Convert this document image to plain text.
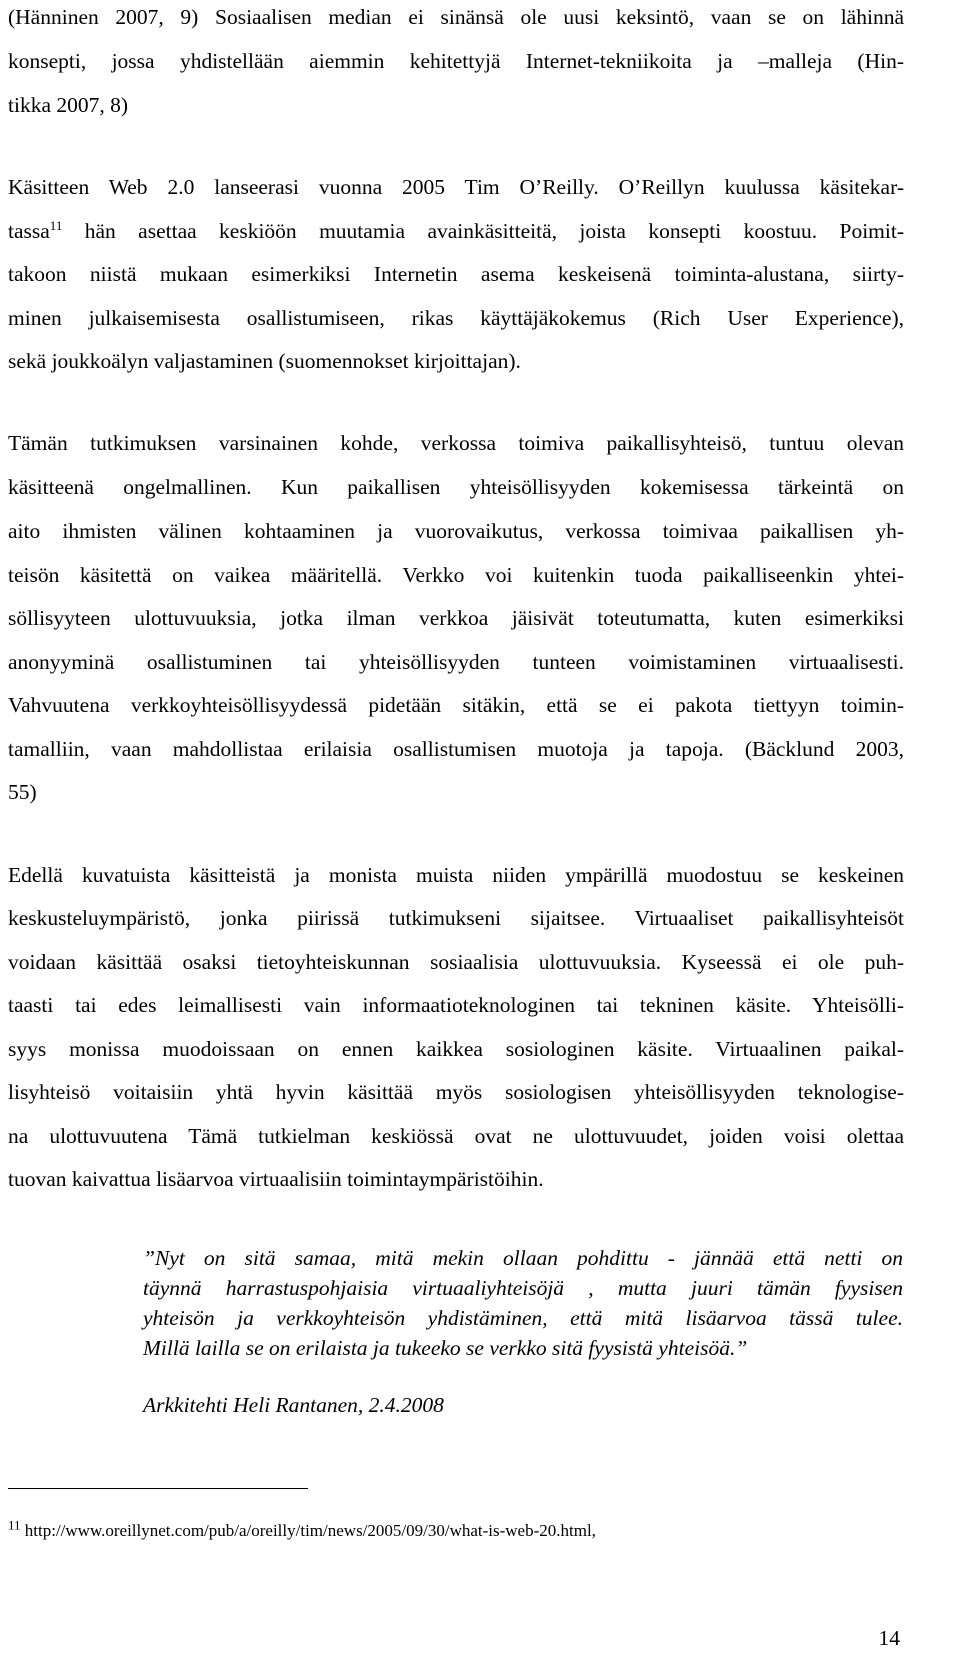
(Hänninen 2007, 9) Sosiaalisen median ei sinänsä ole uusi keksintö, vaan se on lähinnä
konsepti, jossa yhdistellään aiemmin kehitettyjä Internet-tekniikoita ja –malleja (Hin-
tikka 2007, 8)
Käsitteen Web 2.0 lanseerasi vuonna 2005 Tim O’Reilly. O’Reillyn kuulussa käsitekar-
tassa$^{11}$ hän asettaa keskiöön muutamia avainkäsitteitä, joista konsepti koostuu. Poimit-
takoon niistä mukaan esimerkiksi Internetin asema keskeisenä toiminta-alustana, siirty-
minen julkaisemisesta osallistumiseen, rikas käyttäjäkokemus (Rich User Experience),
sekä joukkoälyn valjastaminen (suomennokset kirjoittajan).
Tämän tutkimuksen varsinainen kohde, verkossa toimiva paikallisyhteisö, tuntuu olevan
käsitteenä ongelmallinen. Kun paikallisen yhteisöllisyyden kokemisessa tärkeintä on
aito ihmisten välinen kohtaaminen ja vuorovaikutus, verkossa toimivaa paikallisen yh-
teisön käsitettä on vaikea määritellä. Verkko voi kuitenkin tuoda paikalliseenkin yhtei-
söllisyyteen ulottuvuuksia, jotka ilman verkkoa jäisivät toteutumatta, kuten esimerkiksi
anonyyminä osallistuminen tai yhteisöllisyyden tunteen voimistaminen virtuaalisesti.
Vahvuutena verkkoyhteisöllisyydessä pidetään sitäkin, että se ei pakota tiettyyn toimin-
tamalliin, vaan mahdollistaa erilaisia osallistumisen muotoja ja tapoja. (Bäcklund 2003,
55)
Edellä kuvatuista käsitteistä ja monista muista niiden ympärillä muodostuu se keskeinen
keskusteluympäristö, jonka piirissä tutkimukseni sijaitsee. Virtuaaliset paikallisyhteisöt
voidaan käsittää osaksi tietoyhteiskunnan sosiaalisia ulottuvuuksia. Kyseessä ei ole puh-
taasti tai edes leimallisesti vain informaatioteknologinen tai tekninen käsite. Yhteisölli-
syys monissa muodoissaan on ennen kaikkea sosiologinen käsite. Virtuaalinen paikal-
lisyhteisö voitaisiin yhtä hyvin käsittää myös sosiologisen yhteisöllisyyden teknologise-
na ulottuvuutena Tämä tutkielman keskiössä ovat ne ulottuvuudet, joiden voisi olettaa
tuovan kaivattua lisäarvoa virtuaalisiin toimintaympäristöihin.
”Nyt on sitä samaa, mitä mekin ollaan pohdittu - jännää että netti on
täynnä harrastuspohjaisia virtuaaliyhteisöjä , mutta juuri tämän fyysisen
yhteisön ja verkkoyhteisön yhdistäminen, että mitä lisäarvoa tässä tulee.
Millä lailla se on erilaista ja tukeeko se verkko sitä fyysistä yhteisöä.”
Arkkitehti Heli Rantanen, 2.4.2008
$^{11}$ http://www.oreillynet.com/pub/a/oreilly/tim/news/2005/09/30/what-is-web-20.html,
14
